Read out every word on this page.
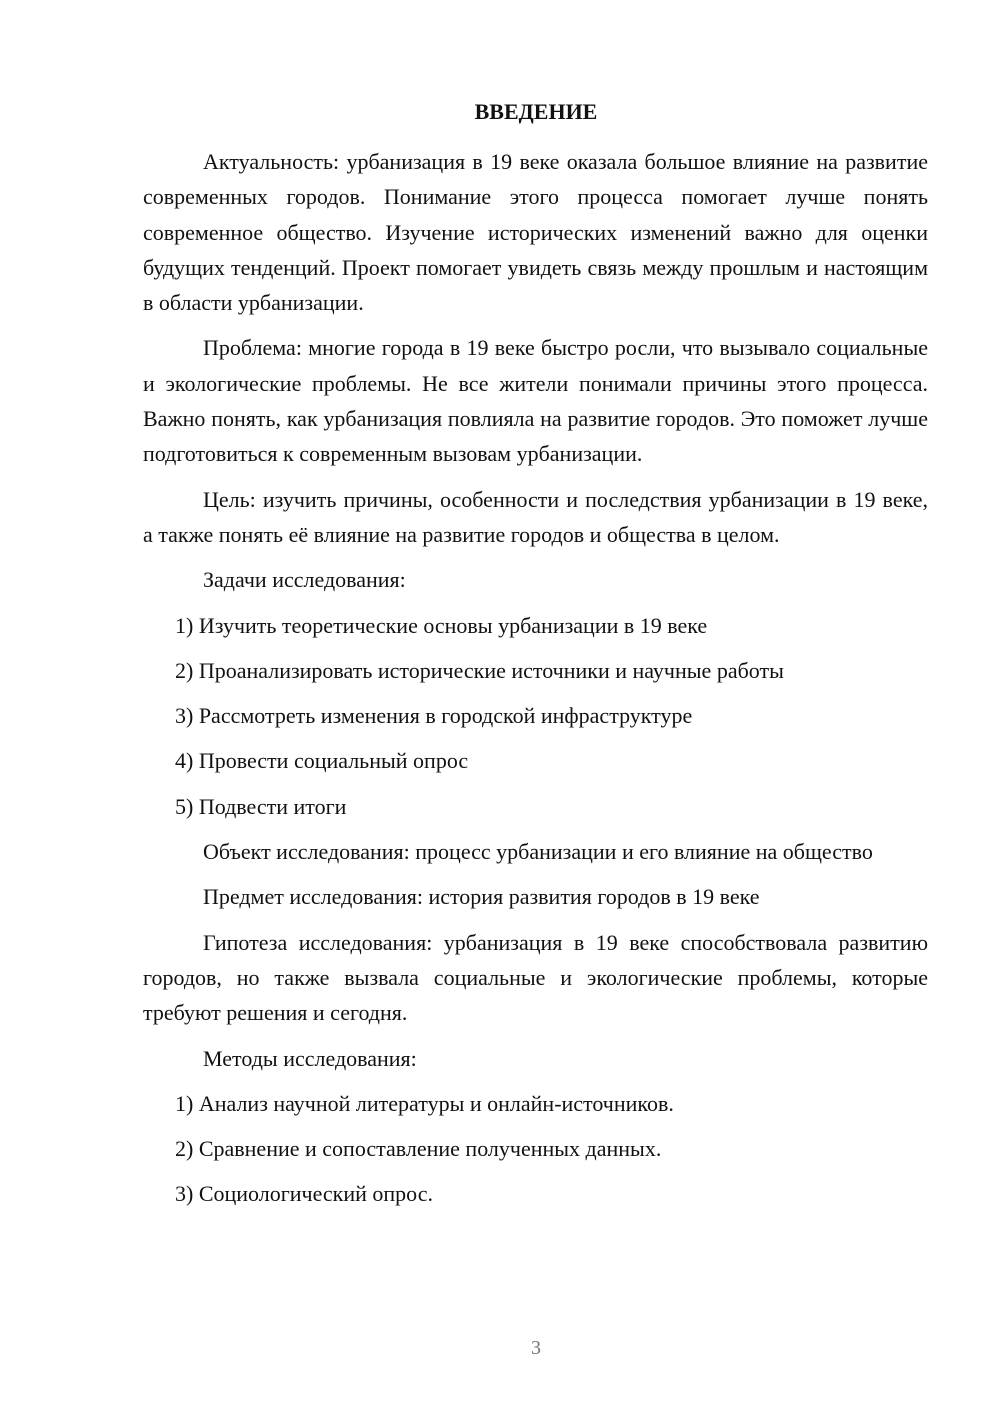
ВВЕДЕНИЕ

Актуальность: урбанизация в 19 веке оказала большое влияние на развитие современных городов. Понимание этого процесса помогает лучше понять современное общество. Изучение исторических изменений важно для оценки будущих тенденций. Проект помогает увидеть связь между прошлым и настоящим в области урбанизации.

Проблема: многие города в 19 веке быстро росли, что вызывало социальные и экологические проблемы. Не все жители понимали причины этого процесса. Важно понять, как урбанизация повлияла на развитие городов. Это поможет лучше подготовиться к современным вызовам урбанизации.

Цель: изучить причины, особенности и последствия урбанизации в 19 веке, а также понять её влияние на развитие городов и общества в целом.

Задачи исследования:

1) Изучить теоретические основы урбанизации в 19 веке
2) Проанализировать исторические источники и научные работы
3) Рассмотреть изменения в городской инфраструктуре
4) Провести социальный опрос
5) Подвести итоги

Объект исследования: процесс урбанизации и его влияние на общество

Предмет исследования: история развития городов в 19 веке

Гипотеза исследования: урбанизация в 19 веке способствовала развитию городов, но также вызвала социальные и экологические проблемы, которые требуют решения и сегодня.

Методы исследования:

1) Анализ научной литературы и онлайн-источников.
2) Сравнение и сопоставление полученных данных.
3) Социологический опрос.
3
